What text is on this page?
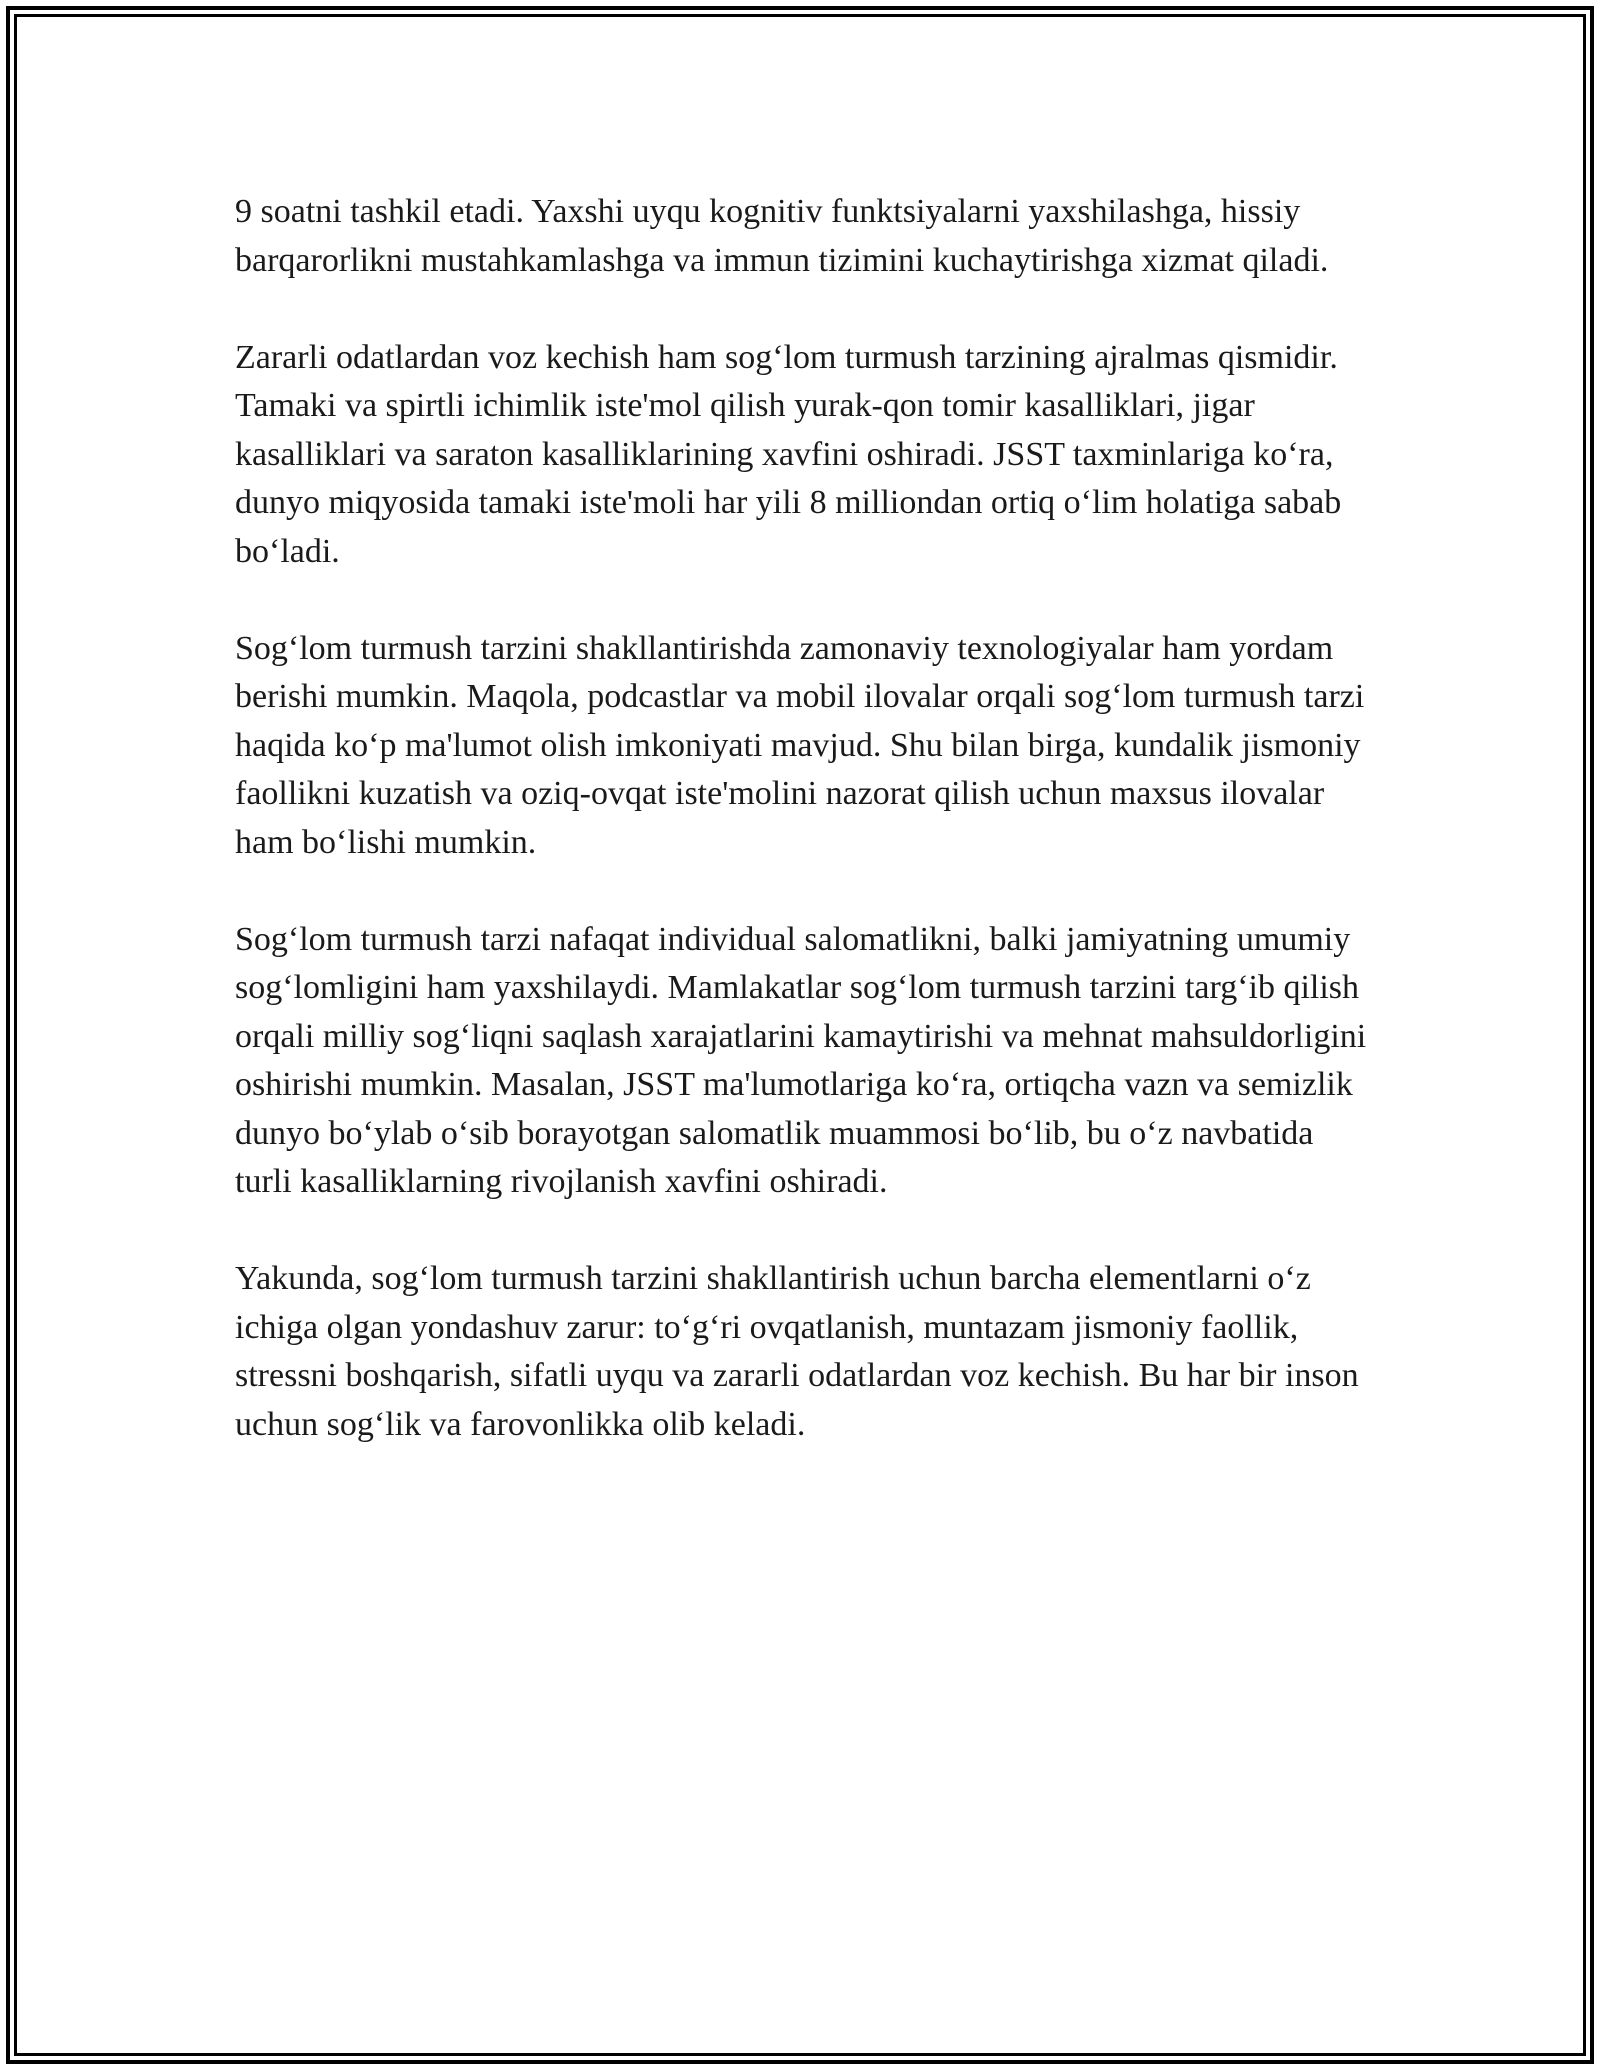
9 soatni tashkil etadi. Yaxshi uyqu kognitiv funktsiyalarni yaxshilashga, hissiy barqarorlikni mustahkamlashga va immun tizimini kuchaytirishga xizmat qiladi.

Zararli odatlardan voz kechish ham sog‘lom turmush tarzining ajralmas qismidir. Tamaki va spirtli ichimlik iste'mol qilish yurak-qon tomir kasalliklari, jigar kasalliklari va saraton kasalliklarining xavfini oshiradi. JSST taxminlariga ko‘ra, dunyo miqyosida tamaki iste'moli har yili 8 milliondan ortiq o‘lim holatiga sabab bo‘ladi.

Sog‘lom turmush tarzini shakllantirishda zamonaviy texnologiyalar ham yordam berishi mumkin. Maqola, podcastlar va mobil ilovalar orqali sog‘lom turmush tarzi haqida ko‘p ma'lumot olish imkoniyati mavjud. Shu bilan birga, kundalik jismoniy faollikni kuzatish va oziq-ovqat iste'molini nazorat qilish uchun maxsus ilovalar ham bo‘lishi mumkin.

Sog‘lom turmush tarzi nafaqat individual salomatlikni, balki jamiyatning umumiy sog‘lomligini ham yaxshilaydi. Mamlakatlar sog‘lom turmush tarzini targ‘ib qilish orqali milliy sog‘liqni saqlash xarajatlarini kamaytirishi va mehnat mahsuldorligini oshirishi mumkin. Masalan, JSST ma'lumotlariga ko‘ra, ortiqcha vazn va semizlik dunyo bo‘ylab o‘sib borayotgan salomatlik muammosi bo‘lib, bu o‘z navbatida turli kasalliklarning rivojlanish xavfini oshiradi.

Yakunda, sog‘lom turmush tarzini shakllantirish uchun barcha elementlarni o‘z ichiga olgan yondashuv zarur: to‘g‘ri ovqatlanish, muntazam jismoniy faollik, stressni boshqarish, sifatli uyqu va zararli odatlardan voz kechish. Bu har bir inson uchun sog‘lik va farovonlikka olib keladi.
